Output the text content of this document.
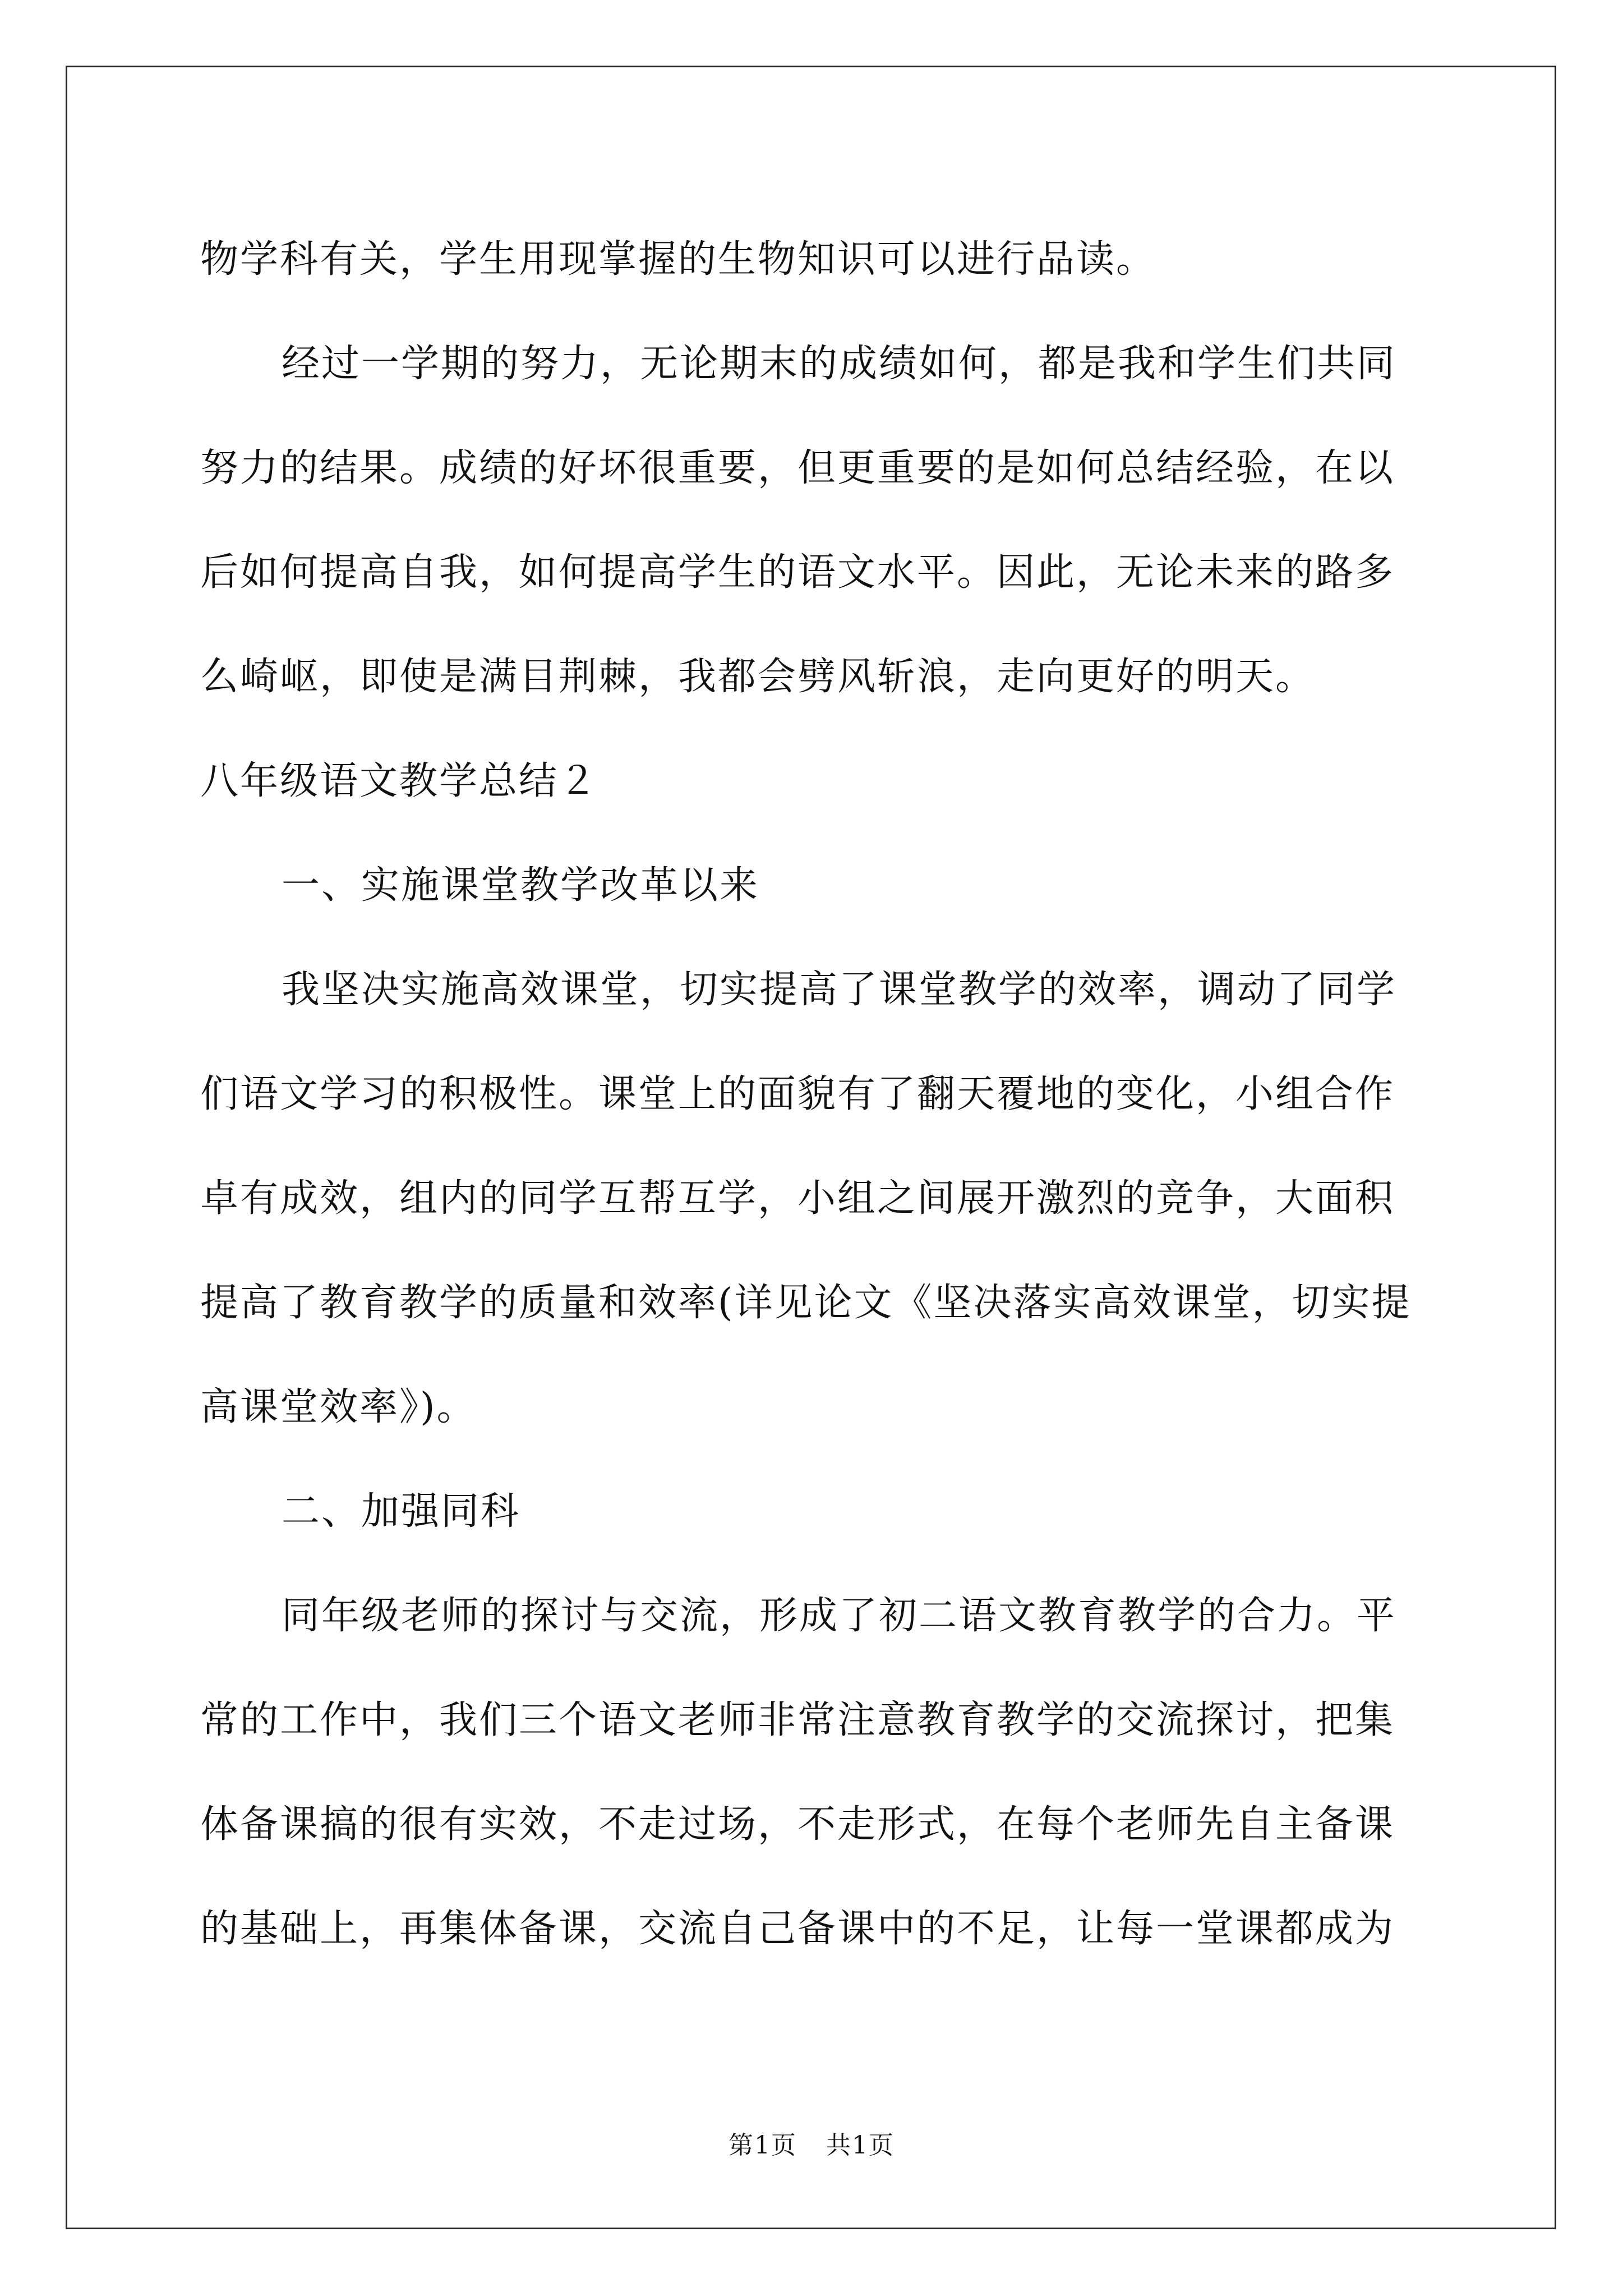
物学科有关，学生用现掌握的生物知识可以进行品读。
经过一学期的努力，无论期末的成绩如何，都是我和学生们共同
努力的结果。成绩的好坏很重要，但更重要的是如何总结经验，在以
后如何提高自我，如何提高学生的语文水平。因此，无论未来的路多
么崎岖，即使是满目荆棘，我都会劈风斩浪，走向更好的明天。
八年级语文教学总结２
一、实施课堂教学改革以来
我坚决实施高效课堂，切实提高了课堂教学的效率，调动了同学
们语文学习的积极性。课堂上的面貌有了翻天覆地的变化，小组合作
卓有成效，组内的同学互帮互学，小组之间展开激烈的竞争，大面积
提高了教育教学的质量和效率(详见论文《坚决落实高效课堂，切实提
高课堂效率》)。
二、加强同科
同年级老师的探讨与交流，形成了初二语文教育教学的合力。平
常的工作中，我们三个语文老师非常注意教育教学的交流探讨，把集
体备课搞的很有实效，不走过场，不走形式，在每个老师先自主备课
的基础上，再集体备课，交流自己备课中的不足，让每一堂课都成为
第1页 共1页
